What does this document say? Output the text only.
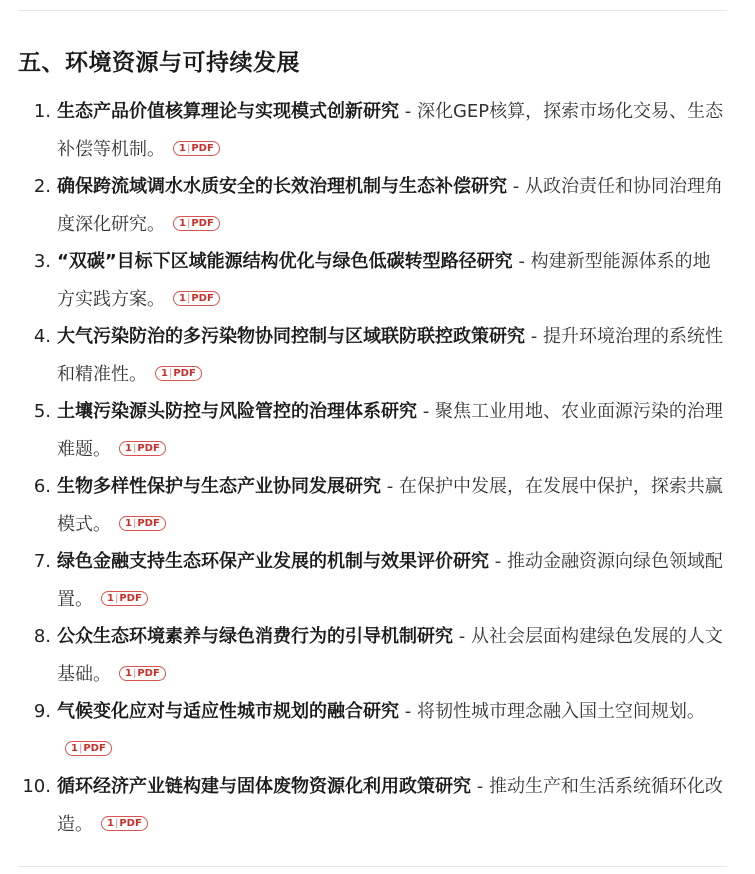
五、环境资源与可持续发展
1. 生态产品价值核算理论与实现模式创新研究 - 深化GEP核算，探索市场化交易、生态补偿等机制。 1|PDF
2. 确保跨流域调水水质安全的长效治理机制与生态补偿研究 - 从政治责任和协同治理角度深化研究。 1|PDF
3. “双碳”目标下区域能源结构优化与绿色低碳转型路径研究 - 构建新型能源体系的地方实践方案。 1|PDF
4. 大气污染防治的多污染物协同控制与区域联防联控政策研究 - 提升环境治理的系统性和精准性。 1|PDF
5. 土壤污染源头防控与风险管控的治理体系研究 - 聚焦工业用地、农业面源污染的治理难题。 1|PDF
6. 生物多样性保护与生态产业协同发展研究 - 在保护中发展，在发展中保护，探索共赢模式。 1|PDF
7. 绿色金融支持生态环保产业发展的机制与效果评价研究 - 推动金融资源向绿色领域配置。 1|PDF
8. 公众生态环境素养与绿色消费行为的引导机制研究 - 从社会层面构建绿色发展的人文基础。 1|PDF
9. 气候变化应对与适应性城市规划的融合研究 - 将韧性城市理念融入国土空间规划。1|PDF
10. 循环经济产业链构建与固体废物资源化利用政策研究 - 推动生产和生活系统循环化改造。 1|PDF
